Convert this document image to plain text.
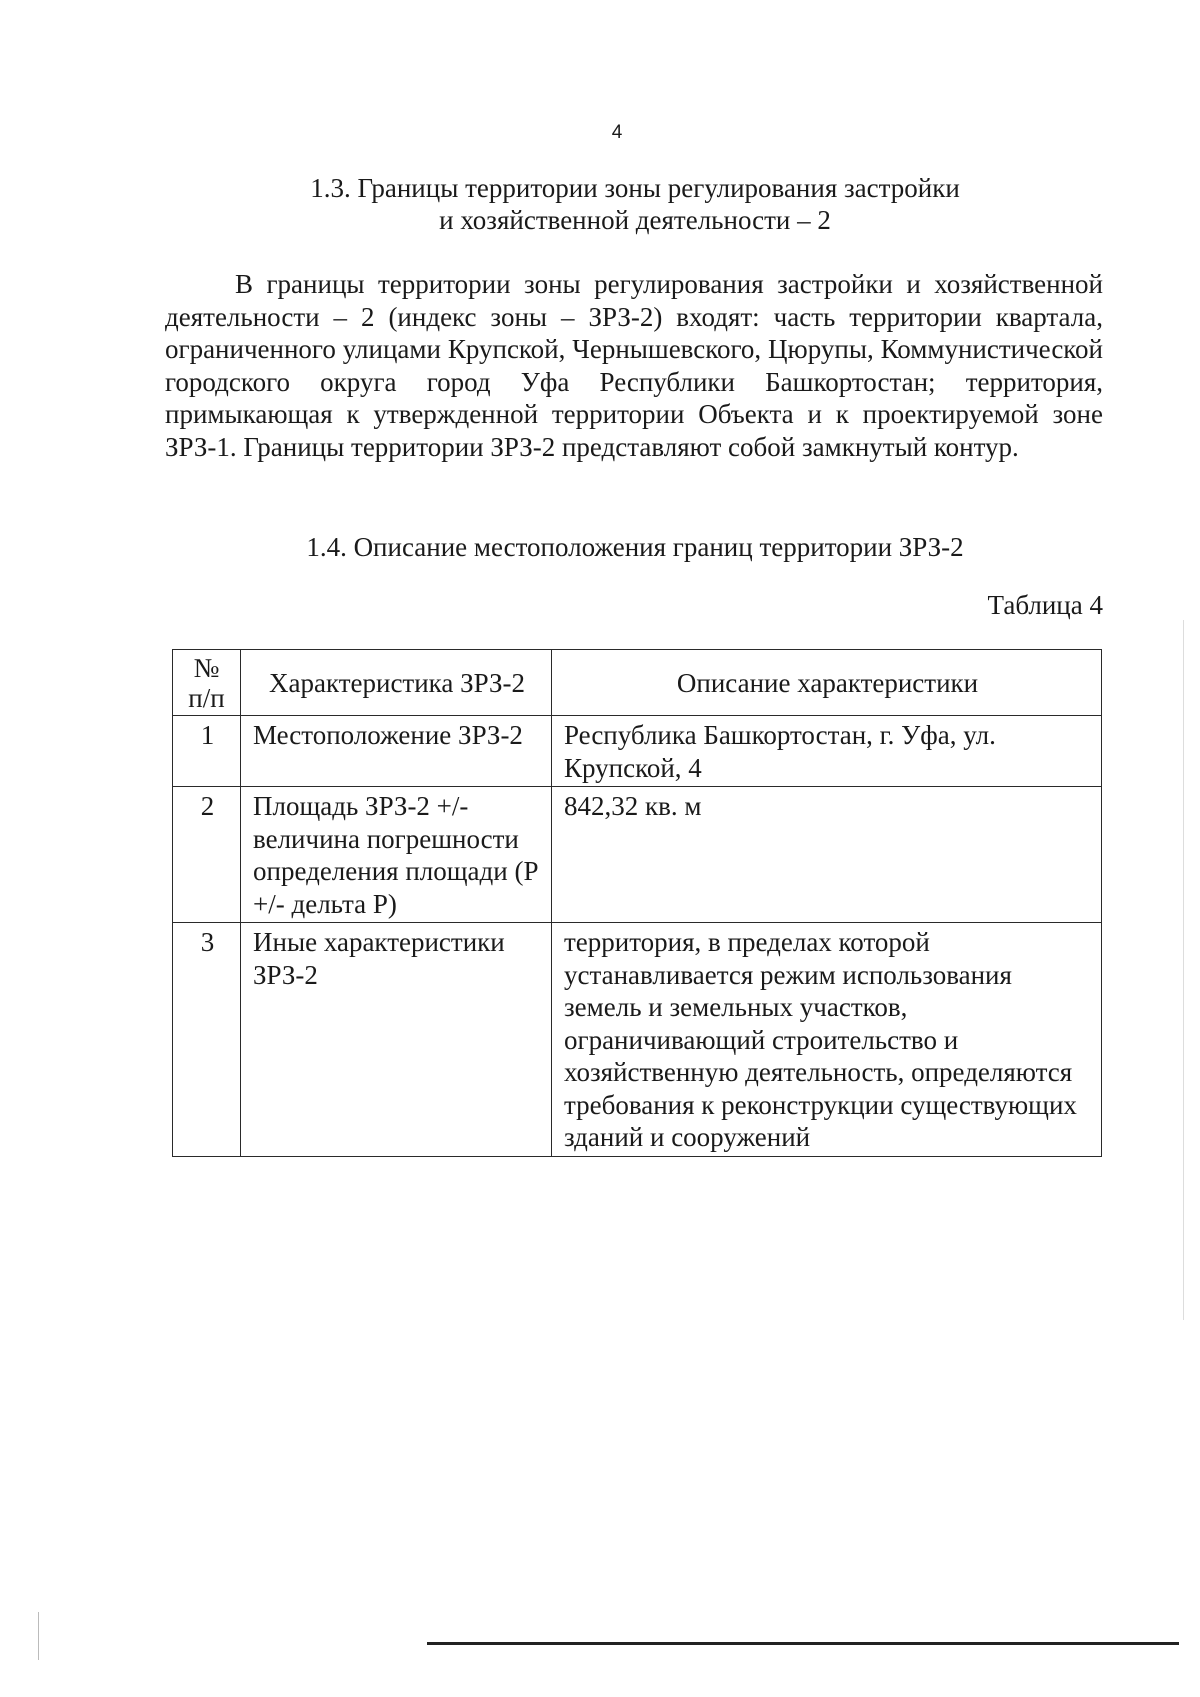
4
1.3. Границы территории зоны регулирования застройки
и хозяйственной деятельности – 2

В границы территории зоны регулирования застройки и хозяйственной деятельности – 2 (индекс зоны – ЗРЗ-2) входят: часть территории квартала, ограниченного улицами Крупской, Чернышевского, Цюрупы, Коммунистической городского округа город Уфа Республики Башкортостан; территория, примыкающая к утвержденной территории Объекта и к проектируемой зоне ЗРЗ-1. Границы территории ЗРЗ-2 представляют собой замкнутый контур.

1.4. Описание местоположения границ территории ЗРЗ-2
Таблица 4
№
п/п	Характеристика ЗРЗ-2	Описание характеристики
1	Местоположение ЗРЗ-2	Республика Башкортостан, г. Уфа, ул. Крупской, 4
2	Площадь ЗРЗ-2 +/- величина погрешности определения площади (Р +/- дельта Р)	842,32 кв. м
3	Иные характеристики ЗРЗ-2	территория, в пределах которой устанавливается режим использования земель и земельных участков, ограничивающий строительство и хозяйственную деятельность, определяются требования к реконструкции существующих зданий и сооружений
